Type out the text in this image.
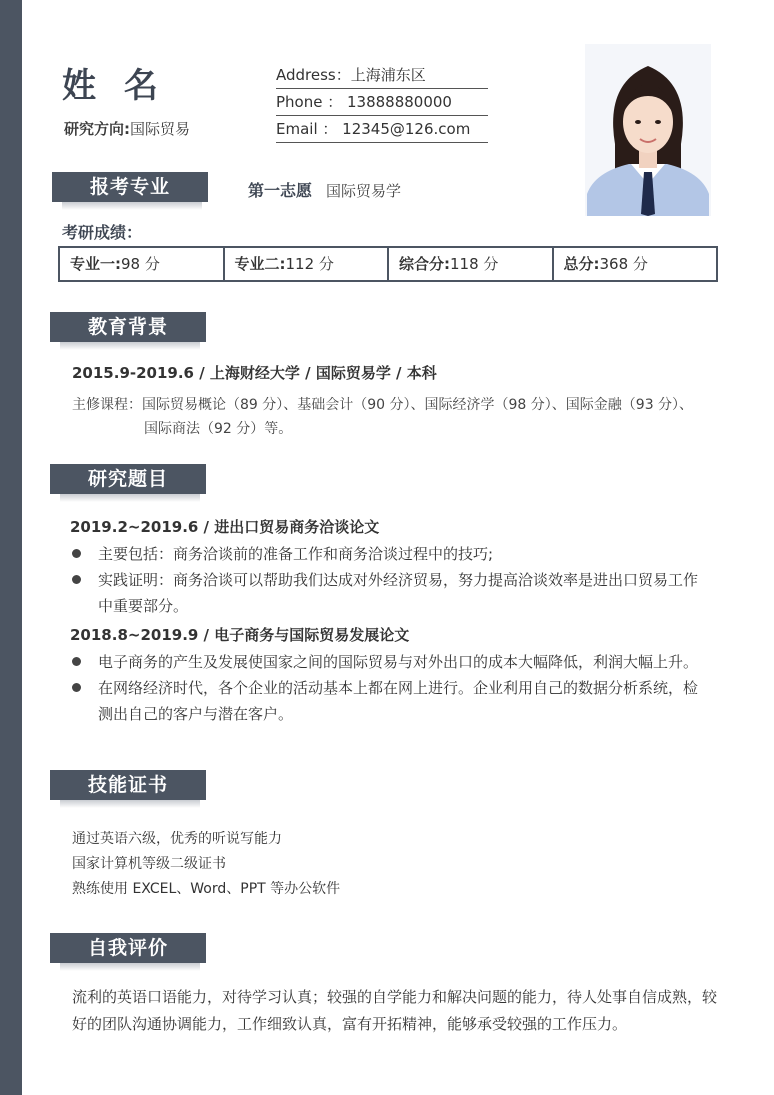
姓 名
研究方向:国际贸易
Address：上海浦东区
Phone ： 13888880000
Email ： 12345@126.com
报考专业	第一志愿 国际贸易学
考研成绩：
专业一:98 分	专业二:112 分	综合分:118 分	总分:368 分
教育背景
2015.9-2019.6 / 上海财经大学 / 国际贸易学 / 本科
主修课程：国际贸易概论（89 分）、基础会计（90 分）、国际经济学（98 分）、国际金融（93 分）、
国际商法（92 分）等。
研究题目
2019.2~2019.6 / 进出口贸易商务洽谈论文
主要包括：商务洽谈前的准备工作和商务洽谈过程中的技巧;
实践证明：商务洽谈可以帮助我们达成对外经济贸易，努力提高洽谈效率是进出口贸易工作中重要部分。
2018.8~2019.9 / 电子商务与国际贸易发展论文
电子商务的产生及发展使国家之间的国际贸易与对外出口的成本大幅降低，利润大幅上升。
在网络经济时代，各个企业的活动基本上都在网上进行。企业利用自己的数据分析系统，检测出自己的客户与潜在客户。
技能证书
通过英语六级，优秀的听说写能力
国家计算机等级二级证书
熟练使用 EXCEL、Word、PPT 等办公软件
自我评价
流利的英语口语能力，对待学习认真；较强的自学能力和解决问题的能力，待人处事自信成熟，较好的团队沟通协调能力，工作细致认真，富有开拓精神，能够承受较强的工作压力。
